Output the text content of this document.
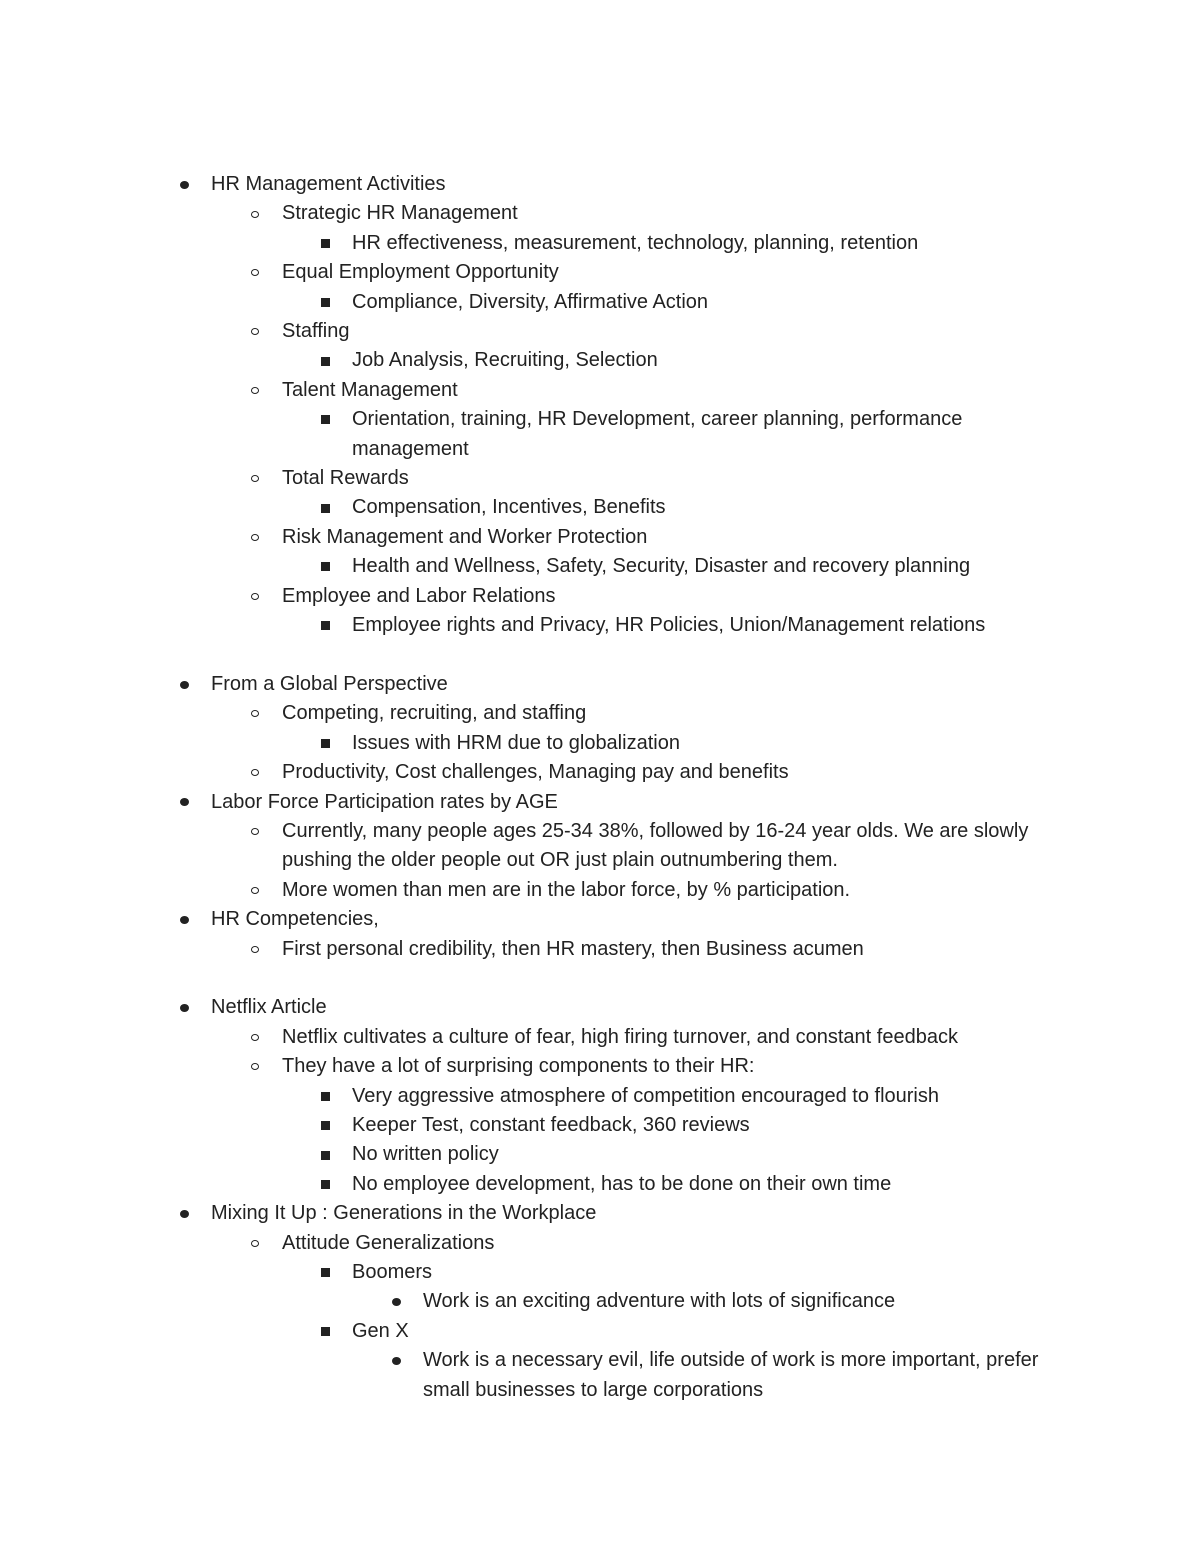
HR Management Activities
Strategic HR Management
HR effectiveness, measurement, technology, planning, retention
Equal Employment Opportunity
Compliance, Diversity, Affirmative Action
Staffing
Job Analysis, Recruiting, Selection
Talent Management
Orientation, training, HR Development, career planning, performance management
Total Rewards
Compensation, Incentives, Benefits
Risk Management and Worker Protection
Health and Wellness, Safety, Security, Disaster and recovery planning
Employee and Labor Relations
Employee rights and Privacy, HR Policies, Union/Management relations
From a Global Perspective
Competing, recruiting, and staffing
Issues with HRM due to globalization
Productivity, Cost challenges, Managing pay and benefits
Labor Force Participation rates by AGE
Currently, many people ages 25-34 38%, followed by 16-24 year olds. We are slowly pushing the older people out OR just plain outnumbering them.
More women than men are in the labor force, by % participation.
HR Competencies,
First personal credibility, then HR mastery, then Business acumen
Netflix Article
Netflix cultivates a culture of fear, high firing turnover, and constant feedback
They have a lot of surprising components to their HR:
Very aggressive atmosphere of competition encouraged to flourish
Keeper Test, constant feedback, 360 reviews
No written policy
No employee development, has to be done on their own time
Mixing It Up : Generations in the Workplace
Attitude Generalizations
Boomers
Work is an exciting adventure with lots of significance
Gen X
Work is a necessary evil, life outside of work is more important, prefer small businesses to large corporations
